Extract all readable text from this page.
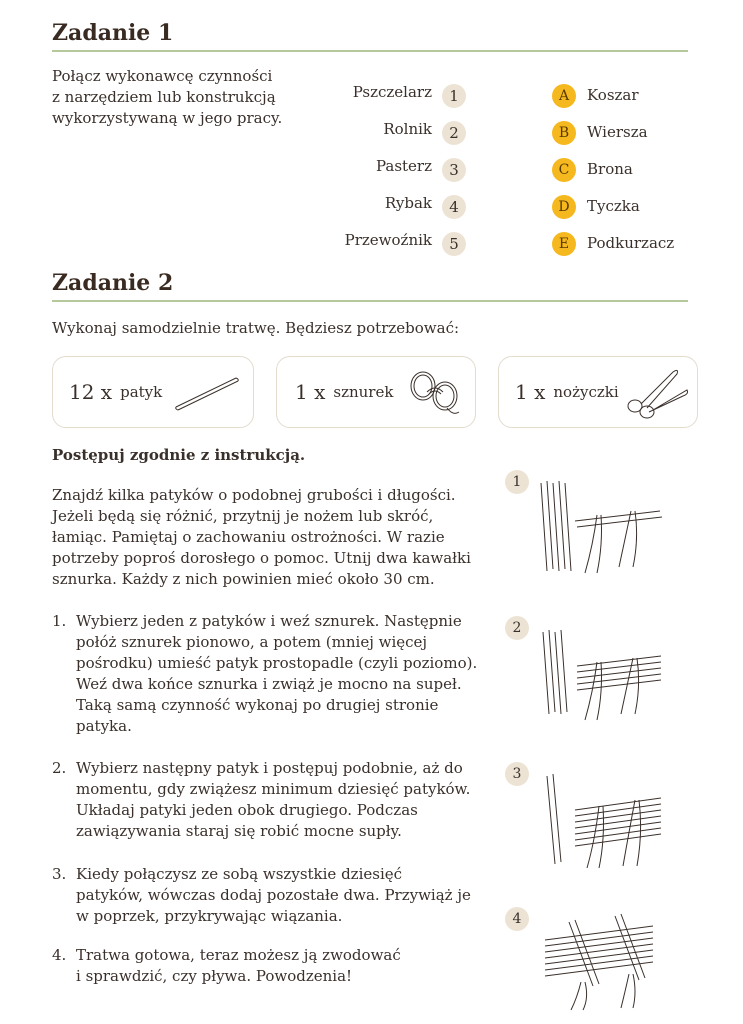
Zadanie 1
Połącz wykonawcę czynności
z narzędziem lub konstrukcją
wykorzystywaną w jego pracy.
Pszczelarz	1
Rolnik	2
Pasterz	3
Rybak	4
Przewoźnik	5
A	Koszar
B	Wiersza
C	Brona
D	Tyczka
E	Podkurzacz
Zadanie 2
Wykonaj samodzielnie tratwę. Będziesz potrzebować:
12 x patyk	1 x sznurek	1 x nożyczki
Postępuj zgodnie z instrukcją.
Znajdź kilka patyków o podobnej grubości i długości.
Jeżeli będą się różnić, przytnij je nożem lub skróć,
łamiąc. Pamiętaj o zachowaniu ostrożności. W razie
potrzeby poproś dorosłego o pomoc. Utnij dwa kawałki
sznurka. Każdy z nich powinien mieć około 30 cm.
1. Wybierz jeden z patyków i weź sznurek. Następnie
połóż sznurek pionowo, a potem (mniej więcej
pośrodku) umieść patyk prostopadle (czyli poziomo).
Weź dwa końce sznurka i zwiąż je mocno na supeł.
Taką samą czynność wykonaj po drugiej stronie
patyka.
2. Wybierz następny patyk i postępuj podobnie, aż do
momentu, gdy zwiążesz minimum dziesięć patyków.
Układaj patyki jeden obok drugiego. Podczas
zawiązywania staraj się robić mocne supły.
3. Kiedy połączysz ze sobą wszystkie dziesięć
patyków, wówczas dodaj pozostałe dwa. Przywiąż je
w poprzek, przykrywając wiązania.
4. Tratwa gotowa, teraz możesz ją zwodować
i sprawdzić, czy pływa. Powodzenia!
1
2
3
4
